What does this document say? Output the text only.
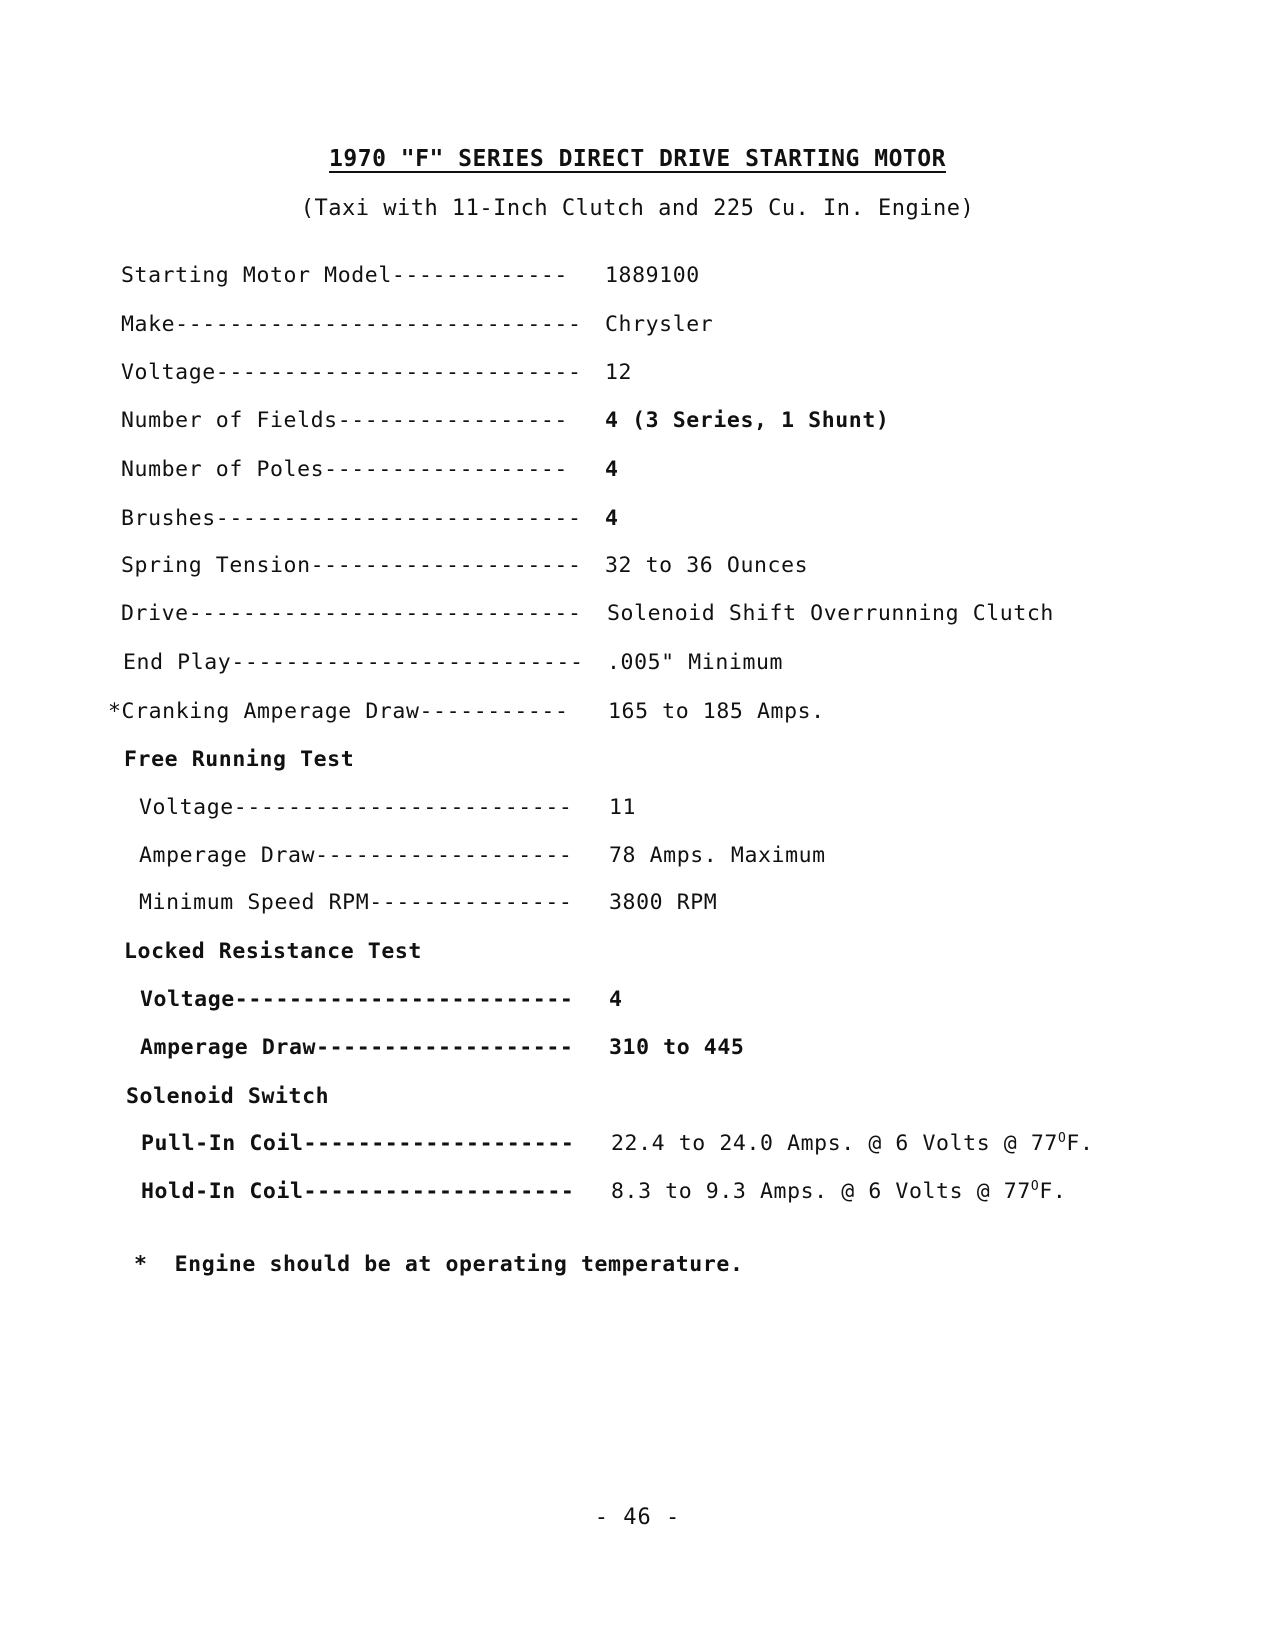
1970 "F" SERIES DIRECT DRIVE STARTING MOTOR
(Taxi with 11-Inch Clutch and 225 Cu. In. Engine)

Starting Motor Model-------------

1889100

Make------------------------------

Chrysler

Voltage---------------------------

12

Number of Fields-----------------

4 (3 Series, 1 Shunt)

Number of Poles------------------

4

Brushes---------------------------

4

Spring Tension--------------------

32 to 36 Ounces

Drive-----------------------------

Solenoid Shift Overrunning Clutch

End Play--------------------------

.005" Minimum

*Cranking Amperage Draw-----------

165 to 185 Amps.

Free Running Test

Voltage-------------------------

11

Amperage Draw-------------------

78 Amps. Maximum

Minimum Speed RPM---------------

3800 RPM

Locked Resistance Test

Voltage-------------------------

4

Amperage Draw-------------------

310 to 445

Solenoid Switch

Pull-In Coil--------------------

22.4 to 24.0 Amps. @ 6 Volts @ $77^OF$.

Hold-In Coil--------------------

8.3 to 9.3 Amps. @ 6 Volts @ $77^OF$.

*  Engine should be at operating temperature.
- 46 -
